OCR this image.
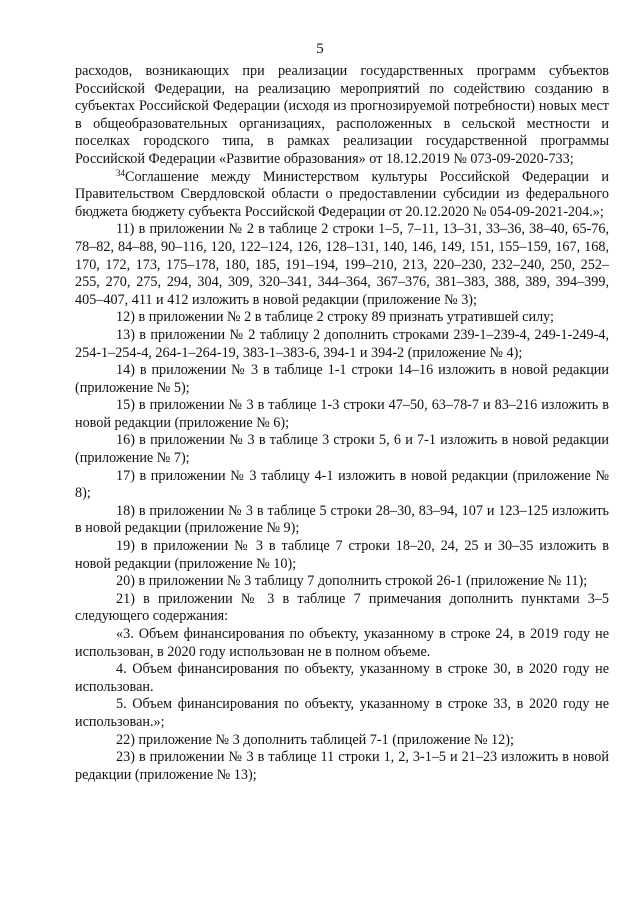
5

расходов, возникающих при реализации государственных программ субъектов Российской Федерации, на реализацию мероприятий по содействию созданию в субъектах Российской Федерации (исходя из прогнозируемой потребности) новых мест в общеобразовательных организациях, расположенных в сельской местности и поселках городского типа, в рамках реализации государственной программы Российской Федерации «Развитие образования» от 18.12.2019 № 073-09-2020-733;

$^{34}$Соглашение между Министерством культуры Российской Федерации и Правительством Свердловской области о предоставлении субсидии из федерального бюджета бюджету субъекта Российской Федерации от 20.12.2020 № 054-09-2021-204.»;

11) в приложении № 2 в таблице 2 строки 1–5, 7–11, 13–31, 33–36, 38–40, 65-76, 78–82, 84–88, 90–116, 120, 122–124, 126, 128–131, 140, 146, 149, 151, 155–159, 167, 168, 170, 172, 173, 175–178, 180, 185, 191–194, 199–210, 213, 220–230, 232–240, 250, 252–255, 270, 275, 294, 304, 309, 320–341, 344–364, 367–376, 381–383, 388, 389, 394–399, 405–407, 411 и 412 изложить в новой редакции (приложение № 3);

12) в приложении № 2 в таблице 2 строку 89 признать утратившей силу;

13) в приложении № 2 таблицу 2 дополнить строками 239-1–239-4, 249-1-249-4, 254-1–254-4, 264-1–264-19, 383-1–383-6, 394-1 и 394-2 (приложение № 4);

14) в приложении № 3 в таблице 1-1 строки 14–16 изложить в новой редакции (приложение № 5);

15) в приложении № 3 в таблице 1-3 строки 47–50, 63–78-7 и 83–216 изложить в новой редакции (приложение № 6);

16) в приложении № 3 в таблице 3 строки 5, 6 и 7-1 изложить в новой редакции (приложение № 7);

17) в приложении № 3 таблицу 4-1 изложить в новой редакции (приложение № 8);

18) в приложении № 3 в таблице 5 строки 28–30, 83–94, 107 и 123–125 изложить в новой редакции (приложение № 9);

19) в приложении № 3 в таблице 7 строки 18–20, 24, 25 и 30–35 изложить в новой редакции (приложение № 10);

20) в приложении № 3 таблицу 7 дополнить строкой 26-1 (приложение № 11);

21) в приложении № 3 в таблице 7 примечания дополнить пунктами 3–5 следующего содержания:

«3. Объем финансирования по объекту, указанному в строке 24, в 2019 году не использован, в 2020 году использован не в полном объеме.

4. Объем финансирования по объекту, указанному в строке 30, в 2020 году не использован.

5. Объем финансирования по объекту, указанному в строке 33, в 2020 году не использован.»;

22) приложение № 3 дополнить таблицей 7-1 (приложение № 12);

23) в приложении № 3 в таблице 11 строки 1, 2, 3-1–5 и 21–23 изложить в новой редакции (приложение № 13);
